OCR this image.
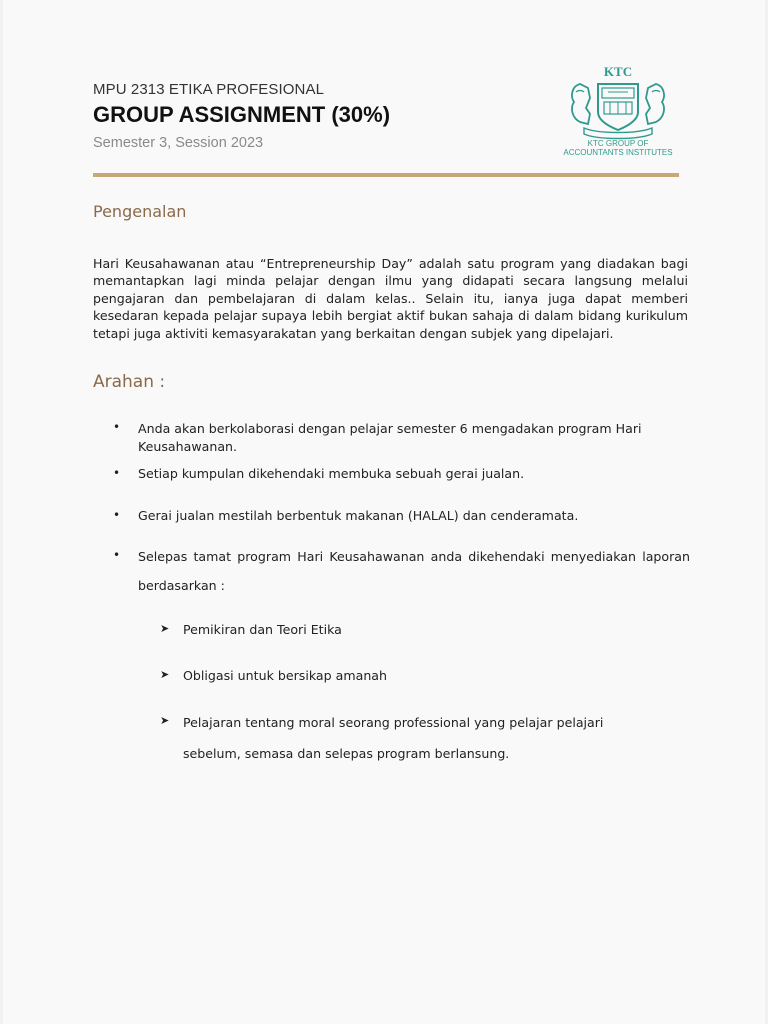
MPU 2313 ETIKA PROFESIONAL
GROUP ASSIGNMENT (30%)
Semester 3, Session 2023
KTC
KTC GROUP OF
ACCOUNTANTS INSTITUTES
Pengenalan
Hari Keusahawanan atau “Entrepreneurship Day” adalah satu program yang diadakan bagi memantapkan lagi minda pelajar dengan ilmu yang didapati secara langsung melalui pengajaran dan pembelajaran di dalam kelas.. Selain itu, ianya juga dapat memberi kesedaran kepada pelajar supaya lebih bergiat aktif bukan sahaja di dalam bidang kurikulum tetapi juga aktiviti kemasyarakatan yang berkaitan dengan subjek yang dipelajari.
Arahan :
•	Anda akan berkolaborasi dengan pelajar semester 6 mengadakan program Hari Keusahawanan.
•	Setiap kumpulan dikehendaki membuka sebuah gerai jualan.
•	Gerai jualan mestilah berbentuk makanan (HALAL) dan cenderamata.
•	Selepas tamat program Hari Keusahawanan anda dikehendaki menyediakan laporan berdasarkan :
➤ Pemikiran dan Teori Etika
➤ Obligasi untuk bersikap amanah
➤ Pelajaran tentang moral seorang professional yang pelajar pelajari sebelum, semasa dan selepas program berlansung.
